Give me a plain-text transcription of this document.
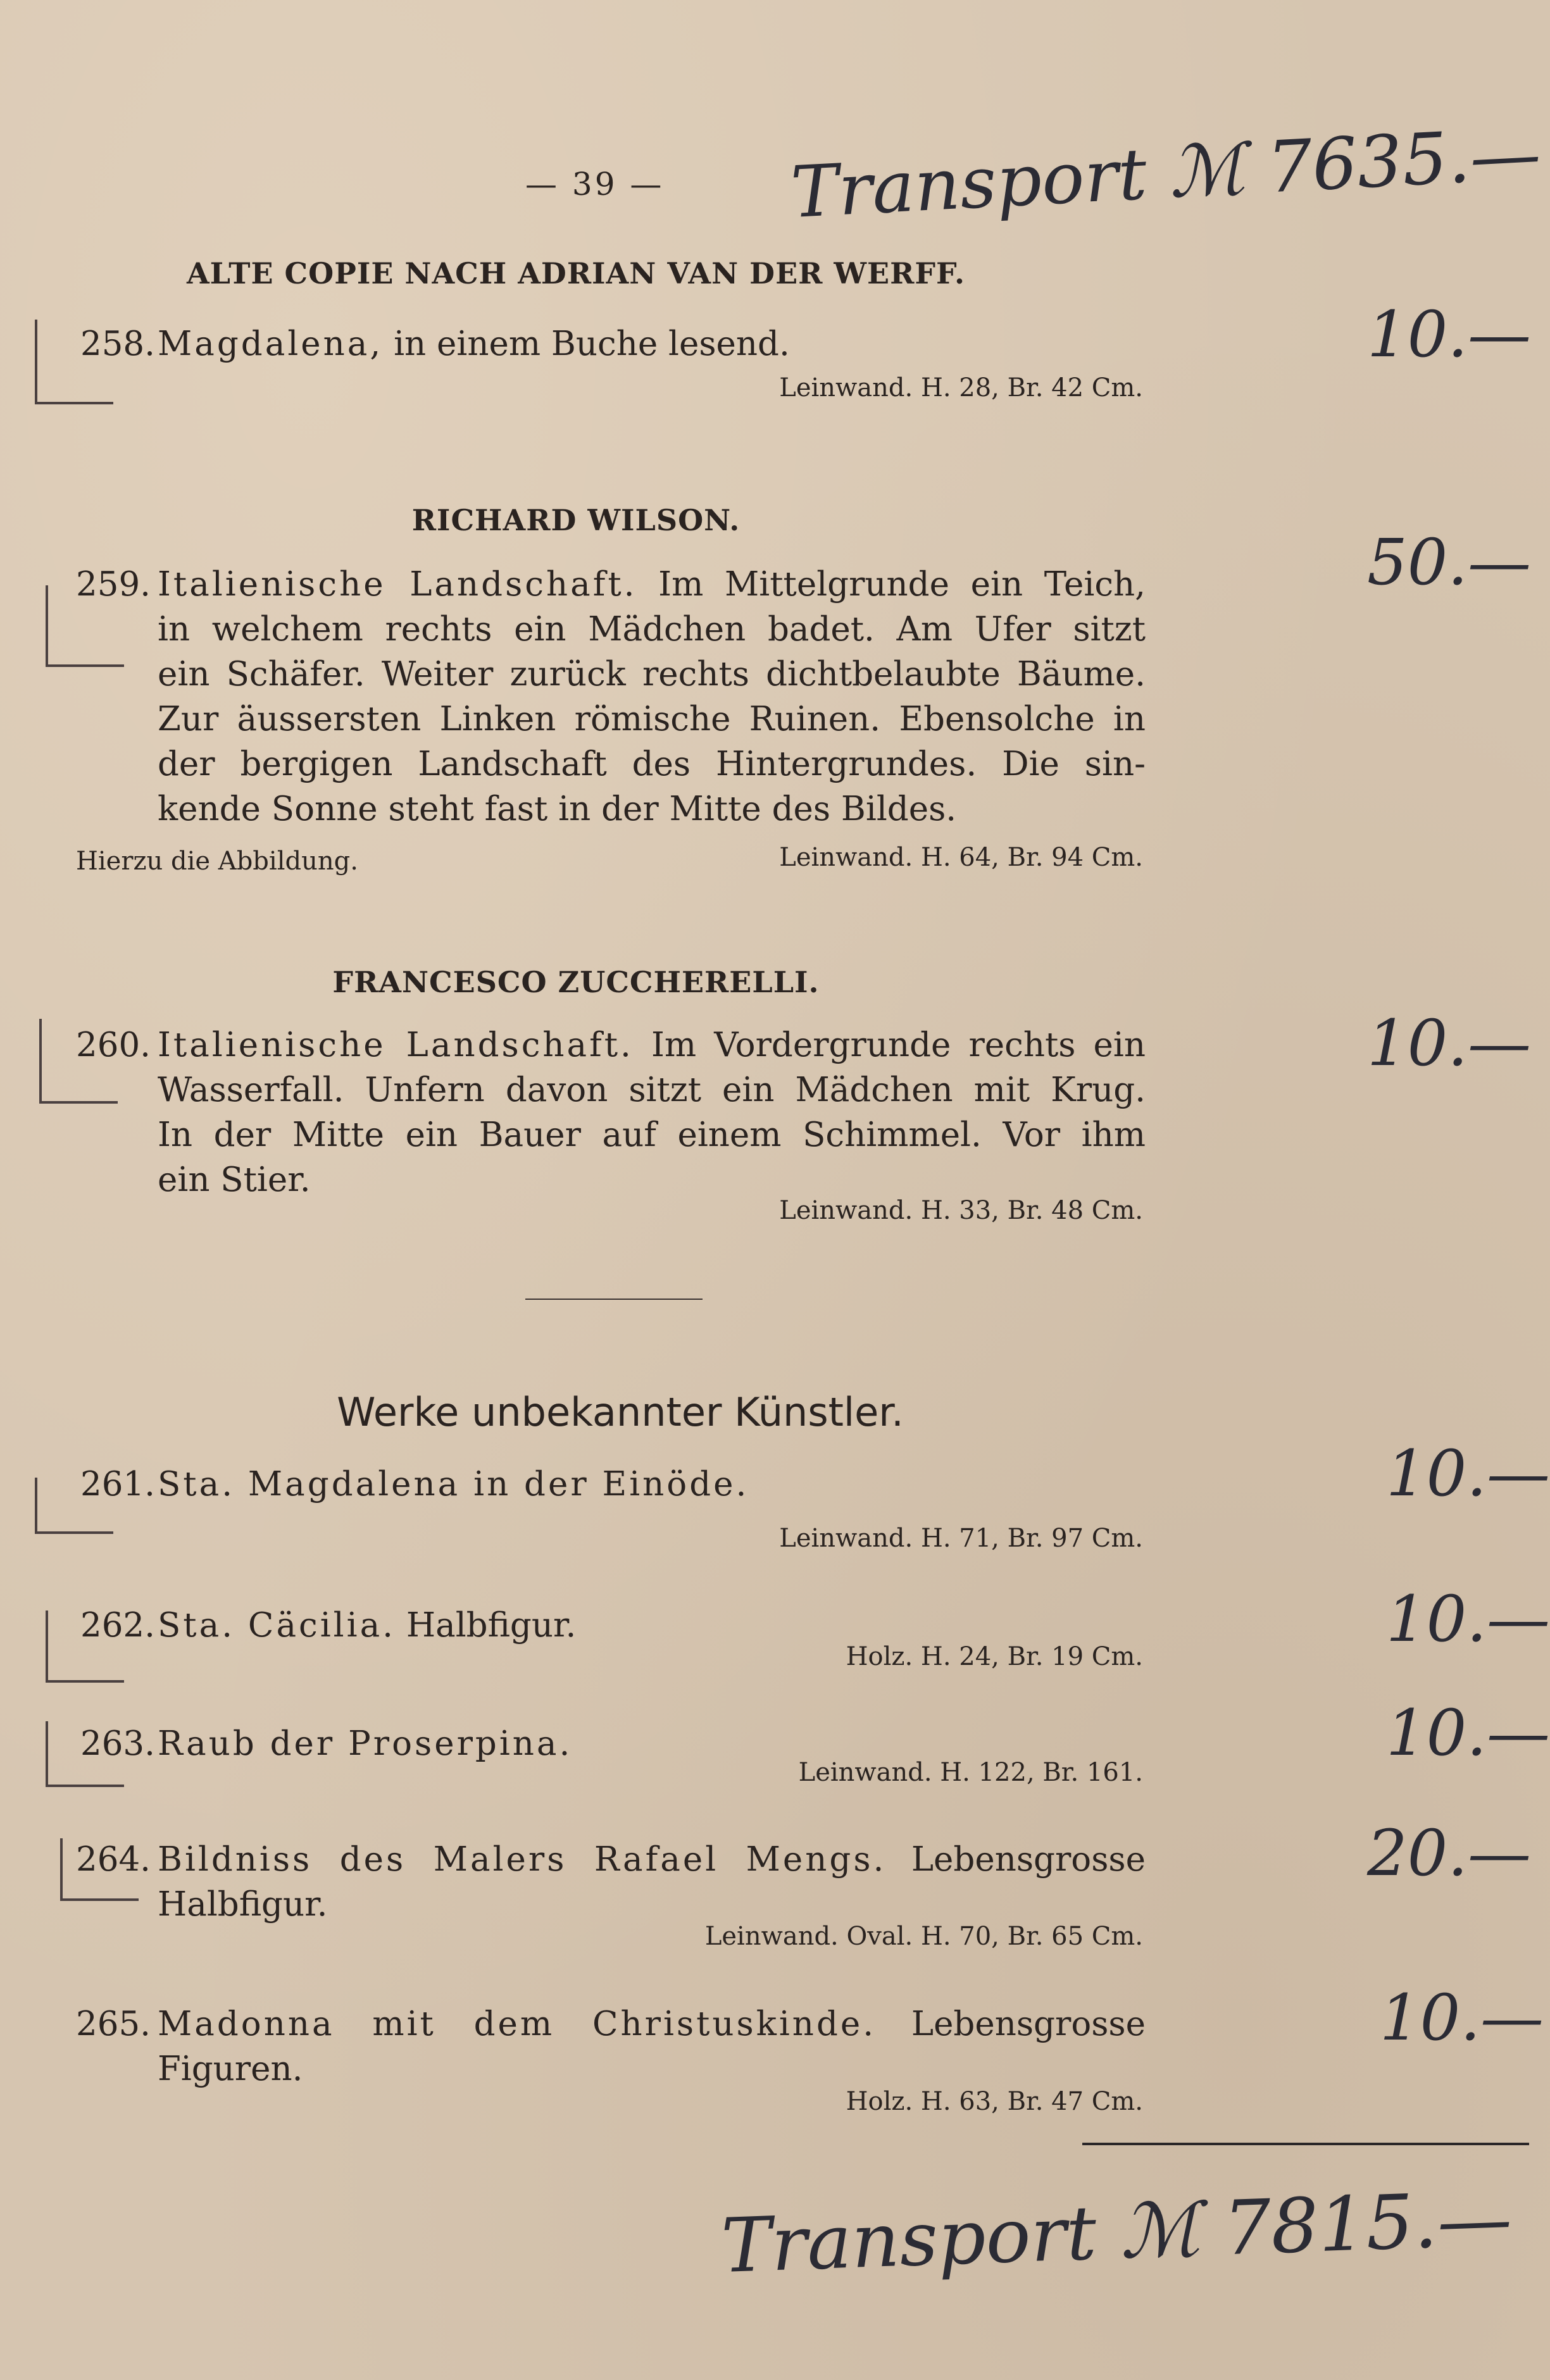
— 39 — Transport ℳ 7635.—
ALTE COPIE NACH ADRIAN VAN DER WERFF.
258.Magdalena, in einem Buche lesend.
Leinwand. H. 28, Br. 42 Cm.
10.—
RICHARD WILSON.
259. Italienische Landschaft. Im Mittelgrunde ein Teich,
in welchem rechts ein Mädchen badet. Am Ufer sitzt
ein Schäfer. Weiter zurück rechts dichtbelaubte Bäume.
Zur äussersten Linken römische Ruinen. Ebensolche in
der bergigen Landschaft des Hintergrundes. Die sin-
kende Sonne steht fast in der Mitte des Bildes.
Hierzu die Abbildung.	Leinwand. H. 64, Br. 94 Cm.
50.—
FRANCESCO ZUCCHERELLI.
260. Italienische Landschaft. Im Vordergrunde rechts ein
Wasserfall. Unfern davon sitzt ein Mädchen mit Krug.
In der Mitte ein Bauer auf einem Schimmel. Vor ihm
ein Stier.
Leinwand. H. 33, Br. 48 Cm.
10.—
Werke unbekannter Künstler.
261.Sta. Magdalena in der Einöde.
Leinwand. H. 71, Br. 97 Cm.
10.—
262.Sta. Cäcilia. Halbfigur.
Holz. H. 24, Br. 19 Cm.
10.—
263.Raub der Proserpina.
Leinwand. H. 122, Br. 161.
10.—
264. Bildniss des Malers Rafael Mengs. Lebensgrosse
Halbfigur.
Leinwand. Oval. H. 70, Br. 65 Cm.
20.—
265. Madonna mit dem Christuskinde. Lebensgrosse
Figuren.
Holz. H. 63, Br. 47 Cm.
10.—
Transport ℳ 7815.—
